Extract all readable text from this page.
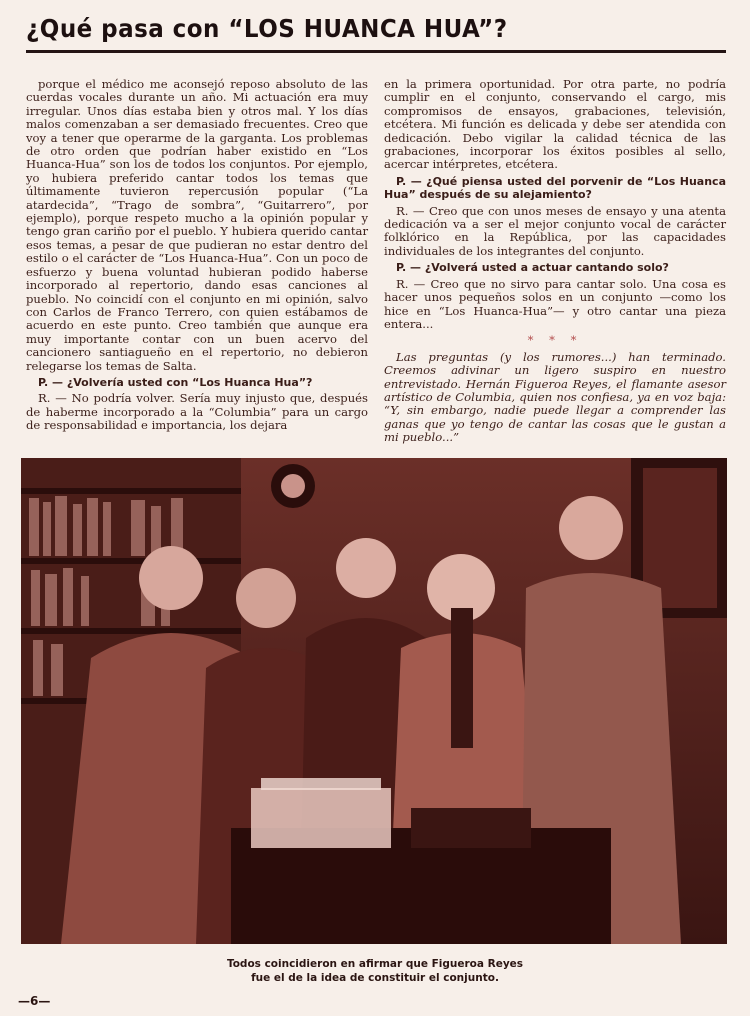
¿Qué pasa con “LOS HUANCA HUA”?

porque el médico me aconsejó reposo absoluto de las cuerdas vocales durante un año. Mi actuación era muy irregular. Unos días estaba bien y otros mal. Y los días malos comenzaban a ser demasiado frecuentes. Creo que voy a tener que operarme de la garganta. Los problemas de otro orden que podrían haber existido en “Los Huanca-Hua” son los de todos los conjuntos. Por ejemplo, yo hubiera preferido cantar todos los temas que últimamente tuvieron repercusión popular (“La atardecida”, “Trago de sombra”, “Guitarrero”, por ejemplo), porque respeto mucho a la opinión popular y tengo gran cariño por el pueblo. Y hubiera querido cantar esos temas, a pesar de que pudieran no estar dentro del estilo o el carácter de “Los Huanca-Hua”. Con un poco de esfuerzo y buena voluntad hubieran podido haberse incorporado al repertorio, dando esas canciones al pueblo. No coincidí con el conjunto en mi opinión, salvo con Carlos de Franco Terrero, con quien estábamos de acuerdo en este punto. Creo también que aunque era muy importante contar con un buen acervo del cancionero santiagueño en el repertorio, no debieron relegarse los temas de Salta.

P. — ¿Volvería usted con “Los Huanca Hua”?

R. — No podría volver. Sería muy injusto que, después de haberme incorporado a la “Columbia” para un cargo de responsabilidad e importancia, los dejara

en la primera oportunidad. Por otra parte, no podría cumplir en el conjunto, conservando el cargo, mis compromisos de ensayos, grabaciones, televisión, etcétera. Mi función es delicada y debe ser atendida con dedicación. Debo vigilar la calidad técnica de las grabaciones, incorporar los éxitos posibles al sello, acercar intérpretes, etcétera.

P. — ¿Qué piensa usted del porvenir de “Los Huanca Hua” después de su alejamiento?

R. — Creo que con unos meses de ensayo y una atenta dedicación va a ser el mejor conjunto vocal de carácter folklórico en la República, por las capacidades individuales de los integrantes del conjunto.

P. — ¿Volverá usted a actuar cantando solo?

R. — Creo que no sirvo para cantar solo. Una cosa es hacer unos pequeños solos en un conjunto —como los hice en “Los Huanca-Hua”— y otro cantar una pieza entera...

* * *

Las preguntas (y los rumores...) han terminado. Creemos adivinar un ligero suspiro en nuestro entrevistado. Hernán Figueroa Reyes, el flamante asesor artístico de Columbia, quien nos confiesa, ya en voz baja: “Y, sin embargo, nadie puede llegar a comprender las ganas que yo tengo de cantar las cosas que le gustan a mi pueblo...”

Todos coincidieron en afirmar que Figueroa Reyes
fue el de la idea de constituir el conjunto.
—6—
